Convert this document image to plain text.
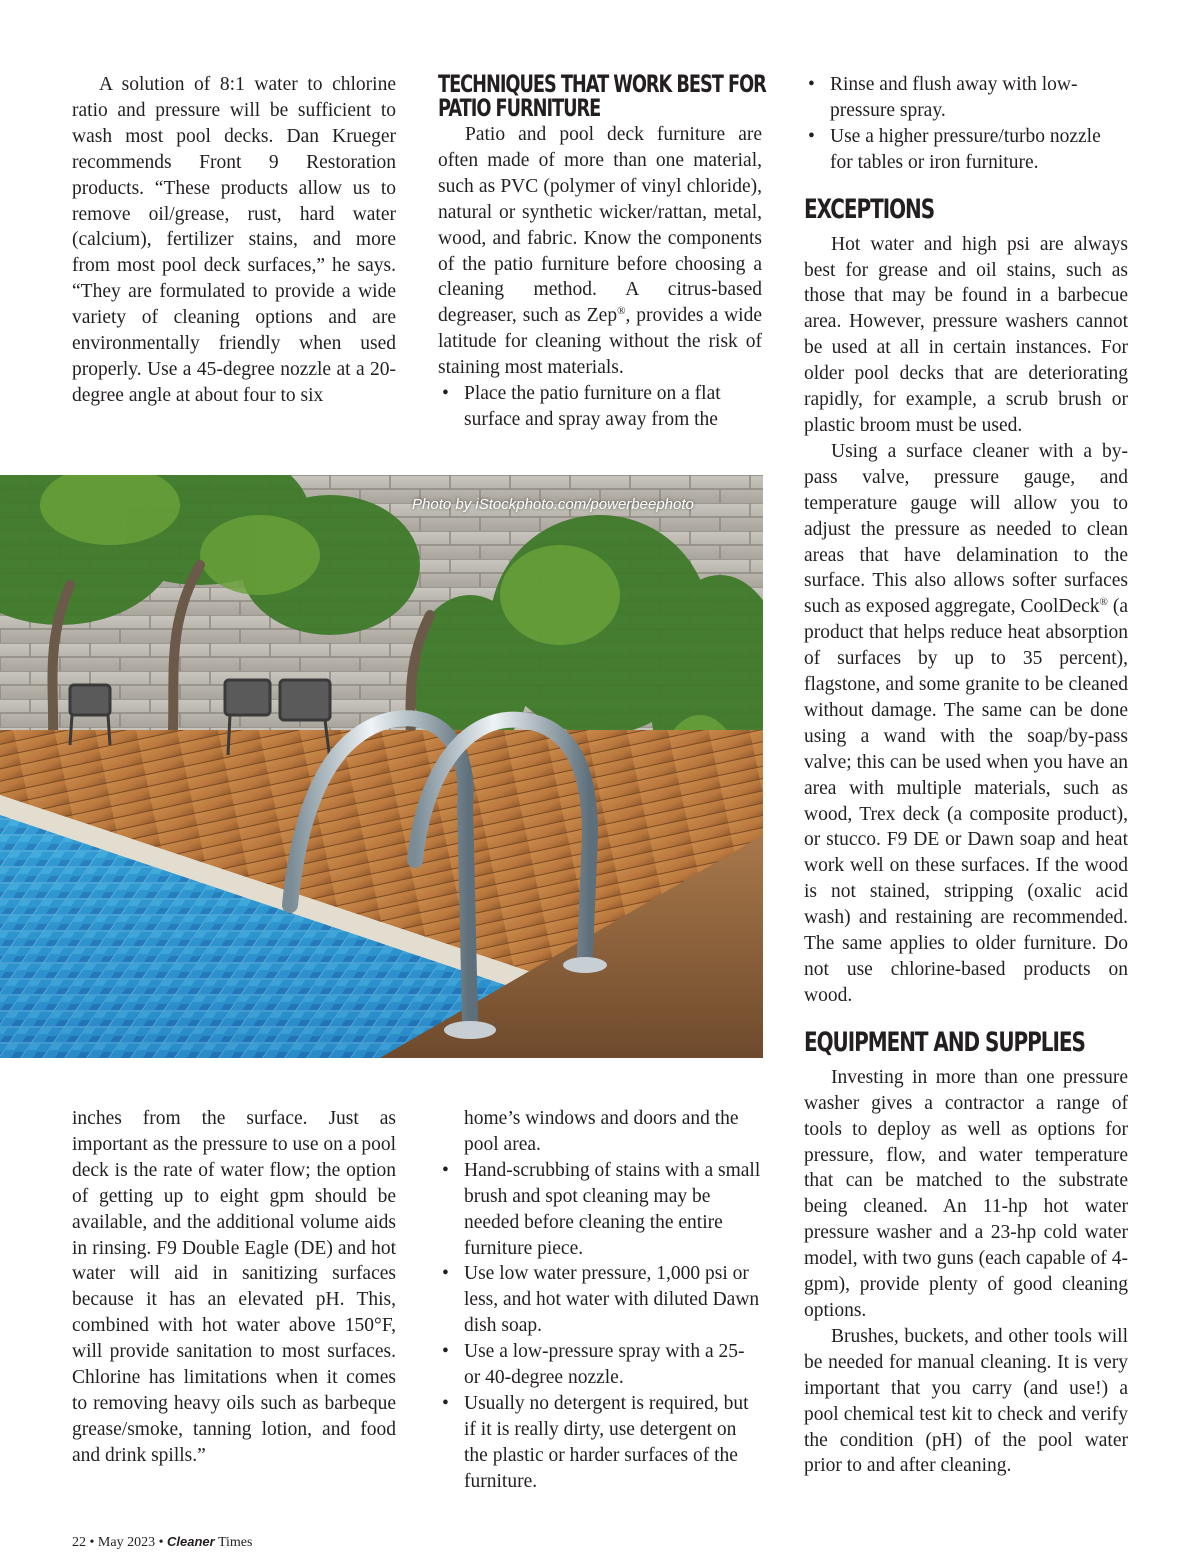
A solution of 8:1 water to chlorine ratio and pressure will be sufficient to wash most pool decks. Dan Krueger recommends Front 9 Restoration products. “These products allow us to remove oil/grease, rust, hard water (calcium), fertilizer stains, and more from most pool deck surfaces,” he says. “They are formulated to provide a wide variety of cleaning options and are environmentally friendly when used properly. Use a 45-degree nozzle at a 20-degree angle at about four to six

TECHNIQUES THAT WORK BEST FOR
PATIO FURNITURE

Patio and pool deck furniture are often made of more than one material, such as PVC (polymer of vinyl chloride), natural or synthetic wicker/rattan, metal, wood, and fabric. Know the components of the patio furniture before choosing a cleaning method. A citrus-based degreaser, such as Zep®, provides a wide latitude for cleaning without the risk of staining most materials.

• Place the patio furniture on a flat surface and spray away from the
• Rinse and flush away with low-pressure spray.
• Use a higher pressure/turbo nozzle for tables or iron furniture.
EXCEPTIONS

Hot water and high psi are always best for grease and oil stains, such as those that may be found in a barbecue area. However, pressure washers cannot be used at all in certain instances. For older pool decks that are deteriorating rapidly, for example, a scrub brush or plastic broom must be used.

Using a surface cleaner with a by-pass valve, pressure gauge, and temperature gauge will allow you to adjust the pressure as needed to clean areas that have delamination to the surface. This also allows softer surfaces such as exposed aggregate, CoolDeck® (a product that helps reduce heat absorption of surfaces by up to 35 percent), flagstone, and some granite to be cleaned without damage. The same can be done using a wand with the soap/by-pass valve; this can be used when you have an area with multiple materials, such as wood, Trex deck (a composite product), or stucco. F9 DE or Dawn soap and heat work well on these surfaces. If the wood is not stained, stripping (oxalic acid wash) and restaining are recommended. The same applies to older furniture. Do not use chlorine-based products on wood.

EQUIPMENT AND SUPPLIES

Investing in more than one pressure washer gives a contractor a range of tools to deploy as well as options for pressure, flow, and water temperature that can be matched to the substrate being cleaned. An 11-hp hot water pressure washer and a 23-hp cold water model, with two guns (each capable of 4-gpm), provide plenty of good cleaning options.

Brushes, buckets, and other tools will be needed for manual cleaning. It is very important that you carry (and use!) a pool chemical test kit to check and verify the condition (pH) of the pool water prior to and after cleaning.

Photo by iStockphoto.com/powerbeephoto

inches from the surface. Just as important as the pressure to use on a pool deck is the rate of water flow; the option of getting up to eight gpm should be available, and the additional volume aids in rinsing. F9 Double Eagle (DE) and hot water will aid in sanitizing surfaces because it has an elevated pH. This, combined with hot water above 150°F, will provide sanitation to most surfaces. Chlorine has limitations when it comes to removing heavy oils such as barbeque grease/smoke, tanning lotion, and food and drink spills.”

home’s windows and doors and the pool area.
• Hand-scrubbing of stains with a small brush and spot cleaning may be needed before cleaning the entire furniture piece.
• Use low water pressure, 1,000 psi or less, and hot water with diluted Dawn dish soap.
• Use a low-pressure spray with a 25- or 40-degree nozzle.
• Usually no detergent is required, but if it is really dirty, use detergent on the plastic or harder surfaces of the furniture.
22 • May 2023 • Cleaner Times
